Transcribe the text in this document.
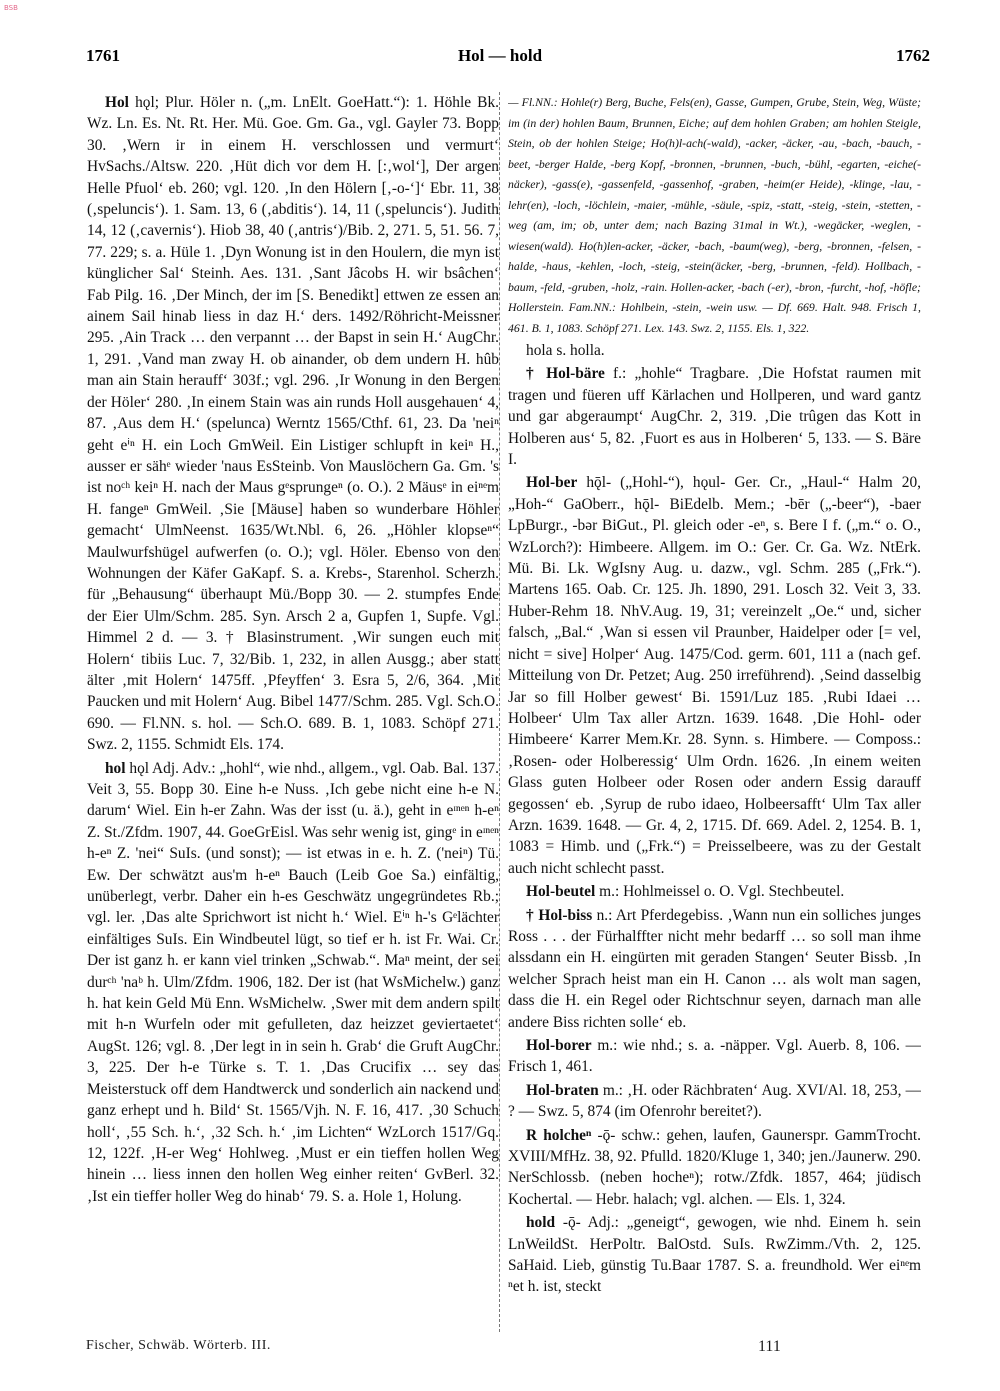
BSB
1761	Hol — hold	1762

Hol hǫl; Plur. Höler n. („m. LnElt. GoeHatt.“): 1. Höhle Bk. Wz. Ln. Es. Nt. Rt. Her. Mü. Goe. Gm. Ga., vgl. Gayler 73. Bopp 30. ‚Wern ir in einem H. verschlossen und vermurt‘ HvSachs./Altsw. 220. ‚Hüt dich vor dem H. [:‚wol‘], Der argen Helle Pfuol‘ eb. 260; vgl. 120. ‚In den Hölern [‚-o-‘]‘ Ebr. 11, 38 (‚speluncis‘). 1. Sam. 13, 6 (‚abditis‘). 14, 11 (‚speluncis‘). Judith 14, 12 (‚cavernis‘). Hiob 38, 40 (‚antris‘)/Bib. 2, 271. 5, 51. 56. 7, 77. 229; s. a. Hüle 1. ‚Dyn Wonung ist in den Houlern, die myn ist künglicher Sal‘ Steinh. Aes. 131. ‚Sant Jâcobs H. wir bsâchen‘ Fab Pilg. 16. ‚Der Minch, der im [S. Benedikt] ettwen ze essen an ainem Sail hinab liess in daz H.‘ ders. 1492/Röhricht-Meissner 295. ‚Ain Track … den verpannt … der Bapst in sein H.‘ AugChr. 1, 291. ‚Vand man zway H. ob ainander, ob dem undern H. hûb man ain Stain herauff‘ 303f.; vgl. 296. ‚Ir Wonung in den Bergen der Höler‘ 280. ‚In einem Stain was ain runds Holl ausgehauen‘ 4, 87. ‚Aus dem H.‘ (spelunca) Werntz 1565/Cthf. 61, 23. Da 'neiⁿ geht eⁱⁿ H. ein Loch GmWeil. Ein Listiger schlupft in keiⁿ H., ausser er sähᵉ wieder 'naus EsSteinb. Von Mauslöchern Ga. Gm. 's ist noᶜʰ keiⁿ H. nach der Maus gᵉsprungeⁿ (o. O.). 2 Mäusᵉ in eiⁿᵉm H. fangeⁿ GmWeil. ‚Sie [Mäuse] haben so wunderbare Höhler gemacht‘ UlmNeenst. 1635/Wt.Nbl. 6, 26. „Höhler klopseⁿ“ Maulwurfshügel aufwerfen (o. O.); vgl. Höler. Ebenso von den Wohnungen der Käfer GaKapf. S. a. Krebs-, Starenhol. Scherzh. für „Behausung“ überhaupt Mü./Bopp 30. — 2. stumpfes Ende der Eier Ulm/Schm. 285. Syn. Arsch 2 a, Gupfen 1, Supfe. Vgl. Himmel 2 d. — 3. † Blasinstrument. ‚Wir sungen euch mit Holern‘ tibiis Luc. 7, 32/Bib. 1, 232, in allen Ausgg.; aber statt älter ‚mit Holern‘ 1475ff. ‚Pfeyffen‘ 3. Esra 5, 2/6, 364. ‚Mit Paucken und mit Holern‘ Aug. Bibel 1477/Schm. 285. Vgl. Sch.O. 690. — Fl.NN. s. hol. — Sch.O. 689. B. 1, 1083. Schöpf 271. Swz. 2, 1155. Schmidt Els. 174.

hol hǫl Adj. Adv.: „hohl“, wie nhd., allgem., vgl. Oab. Bal. 137. Veit 3, 55. Bopp 30. Eine h-e Nuss. ‚Ich gebe nicht eine h-e N. darum‘ Wiel. Ein h-er Zahn. Was der isst (u. ä.), geht in eᶦⁿᵉⁿ h-eⁿ Z. St./Zfdm. 1907, 44. GoeGrEisl. Was sehr wenig ist, gingᵉ in eᶦⁿᵉⁿ h-eⁿ Z. 'nei“ SuIs. (und sonst); — ist etwas in e. h. Z. ('neiⁿ) Tü. Ew. Der schwätzt aus'm h-eⁿ Bauch (Leib Goe Sa.) einfältig, unüberlegt, verbr. Daher ein h-es Geschwätz ungegründetes Rb.; vgl. ler. ‚Das alte Sprichwort ist nicht h.‘ Wiel. Eⁱⁿ h-'s Gᵉlächter einfältiges SuIs. Ein Windbeutel lügt, so tief er h. ist Fr. Wai. Cr. Der ist ganz h. er kann viel trinken „Schwab.“. Maⁿ meint, der sei durᶜʰ 'naᵇ h. Ulm/Zfdm. 1906, 182. Der ist (hat WsMichelw.) ganz h. hat kein Geld Mü Enn. WsMichelw. ‚Swer mit dem andern spilt mit h-n Wurfeln oder mit gefulleten, daz heizzet geviertaetet‘ AugSt. 126; vgl. 8. ‚Der legt in in sein h. Grab‘ die Gruft AugChr. 3, 225. Der h-e Türke s. T. 1. ‚Das Crucifix … sey das Meisterstuck off dem Handtwerck und sonderlich ain nackend und ganz erhept und h. Bild‘ St. 1565/Vjh. N. F. 16, 417. ‚30 Schuch holl‘, ‚55 Sch. h.‘, ‚32 Sch. h.‘ ‚im Lichten“ WzLorch 1517/Gq. 12, 122f. ‚H-er Weg‘ Hohlweg. ‚Must er ein tieffen hollen Weg hinein … liess innen den hollen Weg einher reiten‘ GvBerl. 32. ‚Ist ein tieffer holler Weg do hinab‘ 79. S. a. Hole 1, Holung.

— Fl.NN.: Hohle(r) Berg, Buche, Fels(en), Gasse, Gumpen, Grube, Stein, Weg, Wüste; im (in der) hohlen Baum, Brunnen, Eiche; auf dem hohlen Graben; am hohlen Steigle, Stein, ob der hohlen Steige; Ho(h)l-ach(-wald), -acker, -äcker, -au, -bach, -bauch, -beet, -berger Halde, -berg Kopf, -bronnen, -brunnen, -buch, -bühl, -egarten, -eiche(-näcker), -gass(e), -gassenfeld, -gassenhof, -graben, -heim(er Heide), -klinge, -lau, -lehr(en), -loch, -löchlein, -maier, -mühle, -säule, -spiz, -statt, -steig, -stein, -stetten, -weg (am, im; ob, unter dem; nach Bazing 31mal in Wt.), -wegäcker, -weglen, -wiesen(wald). Ho(h)len-acker, -äcker, -bach, -baum(weg), -berg, -bronnen, -felsen, -halde, -haus, -kehlen, -loch, -steig, -stein(äcker, -berg, -brunnen, -feld). Hollbach, -baum, -feld, -gruben, -holz, -rain. Hollen-acker, -bach (-er), -bron, -furcht, -hof, -höfle; Hollerstein. Fam.NN.: Hohlbein, -stein, -wein usw. — Df. 669. Halt. 948. Frisch 1, 461. B. 1, 1083. Schöpf 271. Lex. 143. Swz. 2, 1155. Els. 1, 322.

hola s. holla.

† Hol-bäre f.: „hohle“ Tragbare. ‚Die Hofstat raumen mit tragen und füeren uff Kärlachen und Hollperen, und ward gantz und gar abgeraumpt‘ AugChr. 2, 319. ‚Die trûgen das Kott in Holberen aus‘ 5, 82. ‚Fuort es aus in Holberen‘ 5, 133. — S. Bäre I.

Hol-ber hǭl- („Hohl-“), hǫul- Ger. Cr., „Haul-“ Halm 20, „Hoh-“ GaOberr., hǭl- BiEdelb. Mem.; -bēr („-beer“), -baer LpBurgr., -bər BiGut., Pl. gleich oder -eⁿ, s. Bere I f. („m.“ o. O., WzLorch?): Himbeere. Allgem. im O.: Ger. Cr. Ga. Wz. NtErk. Mü. Bi. Lk. WgIsny Aug. u. dazw., vgl. Schm. 285 („Frk.“). Martens 165. Oab. Cr. 125. Jh. 1890, 291. Losch 32. Veit 3, 33. Huber-Rehm 18. NhV.Aug. 19, 31; vereinzelt „Oe.“ und, sicher falsch, „Bal.“ ‚Wan si essen vil Praunber, Haidelper oder [= vel, nicht = sive] Holper‘ Aug. 1475/Cod. germ. 601, 111 a (nach gef. Mitteilung von Dr. Petzet; Aug. 250 irreführend). ‚Seind dasselbig Jar so fill Holber gewest‘ Bi. 1591/Luz 185. ‚Rubi Idaei … Holbeer‘ Ulm Tax aller Artzn. 1639. 1648. ‚Die Hohl- oder Himbeere‘ Karrer Mem.Kr. 28. Synn. s. Himbere. — Composs.: ‚Rosen- oder Holberessig‘ Ulm Ordn. 1626. ‚In einem weiten Glass guten Holbeer oder Rosen oder andern Essig darauff gegossen‘ eb. ‚Syrup de rubo idaeo, Holbeersafft‘ Ulm Tax aller Arzn. 1639. 1648. — Gr. 4, 2, 1715. Df. 669. Adel. 2, 1254. B. 1, 1083 = Himb. und („Frk.“) = Preisselbeere, was zu der Gestalt auch nicht schlecht passt.

Hol-beutel m.: Hohlmeissel o. O. Vgl. Stechbeutel.

† Hol-biss n.: Art Pferdegebiss. ‚Wann nun ein solliches junges Ross . . . der Fürhalffter nicht mehr bedarff … so soll man ihme alssdann ein H. eingürten mit geraden Stangen‘ Seuter Bissb. ‚In welcher Sprach heist man ein H. Canon … als wolt man sagen, dass die H. ein Regel oder Richtschnur seyen, darnach man alle andere Biss richten solle‘ eb.

Hol-borer m.: wie nhd.; s. a. -näpper. Vgl. Auerb. 8, 106. — Frisch 1, 461.

Hol-braten m.: ‚H. oder Rächbraten‘ Aug. XVI/Al. 18, 253, — ? — Swz. 5, 874 (im Ofenrohr bereitet?).

R holcheⁿ -ǭ- schw.: gehen, laufen, Gaunerspr. GammTrocht. XVIII/MfHz. 38, 92. Pfulld. 1820/Kluge 1, 340; jen./Jaunerw. 290. NerSchlossb. (neben hocheⁿ); rotw./Zfdk. 1857, 464; jüdisch Kochertal. — Hebr. halach; vgl. alchen. — Els. 1, 324.

hold -ǭ- Adj.: „geneigt“, gewogen, wie nhd. Einem h. sein LnWeildSt. HerPoltr. BalOstd. SuIs. RwZimm./Vth. 2, 125. SaHaid. Lieb, günstig Tu.Baar 1787. S. a. freundhold. Wer eiⁿᵉm ⁿet h. ist, steckt

Fischer, Schwäb. Wörterb. III.	111
